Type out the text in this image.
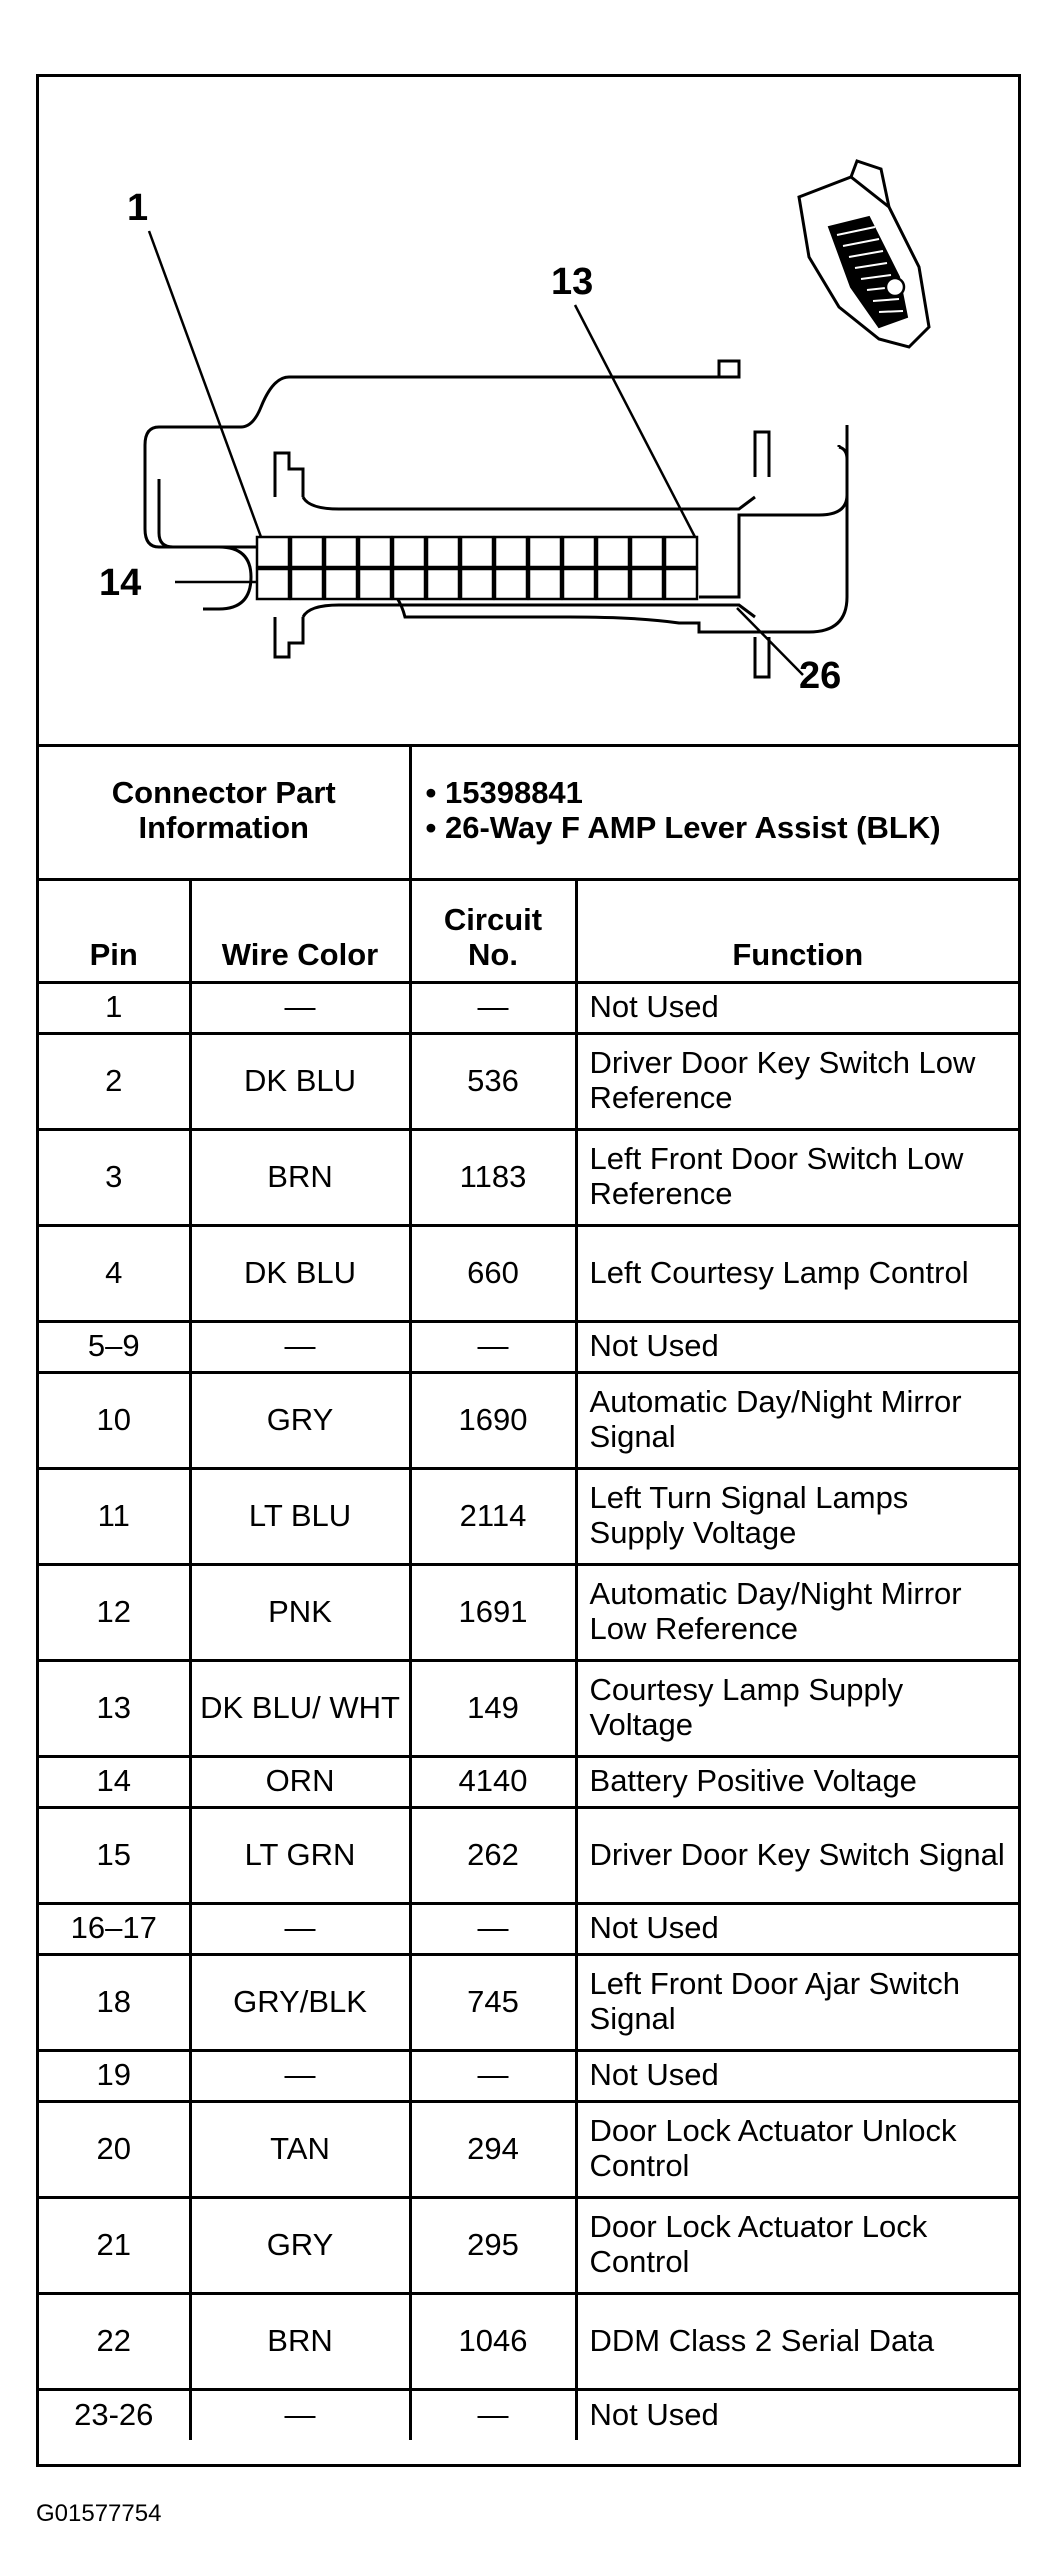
1
13
14
26
Connector Part Information		• 15398841
• 26-Way F AMP Lever Assist (BLK)	

Pin	Wire Color	Circuit No.	Function
1	—	—	Not Used
2	DK BLU	536	Driver Door Key Switch Low Reference
3	BRN	1183	Left Front Door Switch Low Reference
4	DK BLU	660	Left Courtesy Lamp Control
5–9	—	—	Not Used
10	GRY	1690	Automatic Day/Night Mirror Signal
11	LT BLU	2114	Left Turn Signal Lamps Supply Voltage
12	PNK	1691	Automatic Day/Night Mirror Low Reference
13	DK BLU/ WHT	149	Courtesy Lamp Supply Voltage
14	ORN	4140	Battery Positive Voltage
15	LT GRN	262	Driver Door Key Switch Signal
16–17	—	—	Not Used
18	GRY/BLK	745	Left Front Door Ajar Switch Signal
19	—	—	Not Used
20	TAN	294	Door Lock Actuator Unlock Control
21	GRY	295	Door Lock Actuator Lock Control
22	BRN	1046	DDM Class 2 Serial Data
23-26	—	—	Not Used
G01577754
